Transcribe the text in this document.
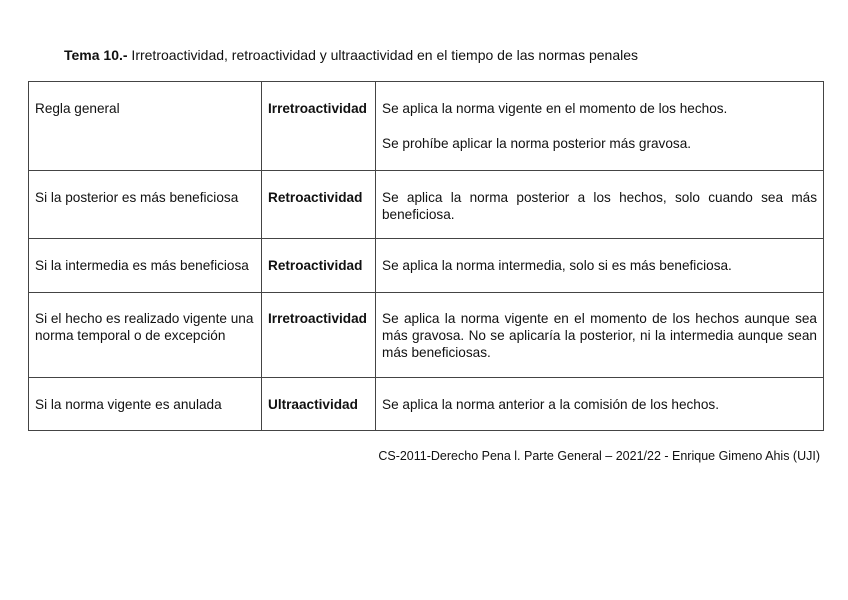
Tema 10.- Irretroactividad, retroactividad y ultraactividad en el tiempo de las normas penales
Regla general	Irretroactividad	Se aplica la norma vigente en el momento de los hechos.

Se prohíbe aplicar la norma posterior más gravosa.

Si la posterior es más beneficiosa	Retroactividad	Se aplica la norma posterior a los hechos, solo cuando sea más beneficiosa.

Si la intermedia es más beneficiosa	Retroactividad	Se aplica la norma intermedia, solo si es más beneficiosa.

Si el hecho es realizado vigente una norma temporal o de excepción	Irretroactividad	Se aplica la norma vigente en el momento de los hechos aunque sea más gravosa. No se aplicaría la posterior, ni la intermedia aunque sean más beneficiosas.

Si la norma vigente es anulada	Ultraactividad	Se aplica la norma anterior a la comisión de los hechos.

CS-2011-Derecho Pena l. Parte General – 2021/22 - Enrique Gimeno Ahis (UJI)
